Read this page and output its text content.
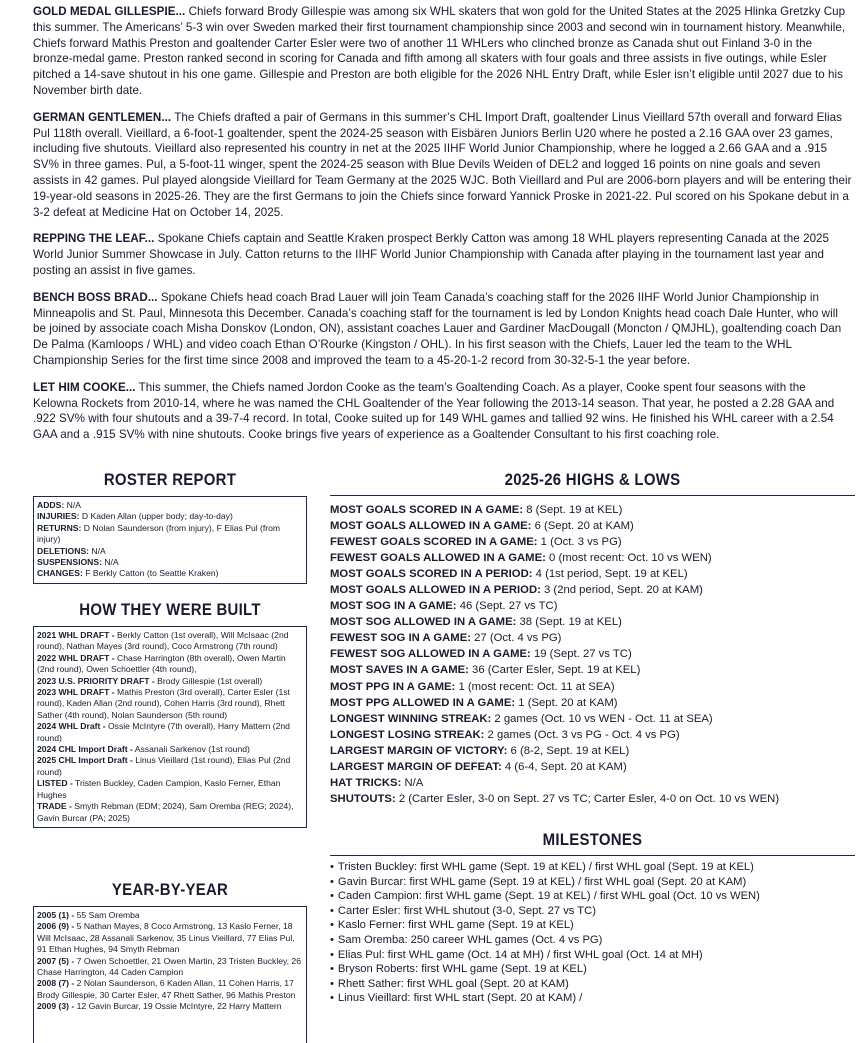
GOLD MEDAL GILLESPIE... Chiefs forward Brody Gillespie was among six WHL skaters that won gold for the United States at the 2025 Hlinka Gretzky Cup this summer. The Americans’ 5-3 win over Sweden marked their first tournament championship since 2003 and second win in tournament history. Meanwhile, Chiefs forward Mathis Preston and goaltender Carter Esler were two of another 11 WHLers who clinched bronze as Canada shut out Finland 3-0 in the bronze-medal game. Preston ranked second in scoring for Canada and fifth among all skaters with four goals and three assists in five outings, while Esler pitched a 14-save shutout in his one game. Gillespie and Preston are both eligible for the 2026 NHL Entry Draft, while Esler isn’t eligible until 2027 due to his November birth date.

GERMAN GENTLEMEN... The Chiefs drafted a pair of Germans in this summer’s CHL Import Draft, goaltender Linus Vieillard 57th overall and forward Elias Pul 118th overall. Vieillard, a 6-foot-1 goaltender, spent the 2024-25 season with Eisbären Juniors Berlin U20 where he posted a 2.16 GAA over 23 games, including five shutouts. Vieillard also represented his country in net at the 2025 IIHF World Junior Championship, where he logged a 2.66 GAA and a .915 SV% in three games. Pul, a 5-foot-11 winger, spent the 2024-25 season with Blue Devils Weiden of DEL2 and logged 16 points on nine goals and seven assists in 42 games. Pul played alongside Vieillard for Team Germany at the 2025 WJC. Both Vieillard and Pul are 2006-born players and will be entering their 19-year-old seasons in 2025-26. They are the first Germans to join the Chiefs since forward Yannick Proske in 2021-22. Pul scored on his Spokane debut in a 3-2 defeat at Medicine Hat on October 14, 2025.

REPPING THE LEAF... Spokane Chiefs captain and Seattle Kraken prospect Berkly Catton was among 18 WHL players representing Canada at the 2025 World Junior Summer Showcase in July. Catton returns to the IIHF World Junior Championship with Canada after playing in the tournament last year and posting an assist in five games.

BENCH BOSS BRAD... Spokane Chiefs head coach Brad Lauer will join Team Canada’s coaching staff for the 2026 IIHF World Junior Championship in Minneapolis and St. Paul, Minnesota this December. Canada’s coaching staff for the tournament is led by London Knights head coach Dale Hunter, who will be joined by associate coach Misha Donskov (London, ON), assistant coaches Lauer and Gardiner MacDougall (Moncton / QMJHL), goaltending coach Dan De Palma (Kamloops / WHL) and video coach Ethan O’Rourke (Kingston / OHL). In his first season with the Chiefs, Lauer led the team to the WHL Championship Series for the first time since 2008 and improved the team to a 45-20-1-2 record from 30-32-5-1 the year before.

LET HIM COOKE... This summer, the Chiefs named Jordon Cooke as the team’s Goaltending Coach. As a player, Cooke spent four seasons with the Kelowna Rockets from 2010-14, where he was named the CHL Goaltender of the Year following the 2013-14 season. That year, he posted a 2.28 GAA and .922 SV% with four shutouts and a 39-7-4 record. In total, Cooke suited up for 149 WHL games and tallied 92 wins. He finished his WHL career with a 2.54 GAA and a .915 SV% with nine shutouts. Cooke brings five years of experience as a Goaltender Consultant to his first coaching role.

ROSTER REPORT
ADDS: N/A
INJURIES: D Kaden Allan (upper body; day-to-day)
RETURNS: D Nolan Saunderson (from injury), F Elias Pul (from injury)
DELETIONS: N/A
SUSPENSIONS: N/A
CHANGES: F Berkly Catton (to Seattle Kraken)
HOW THEY WERE BUILT
2021 WHL DRAFT - Berkly Catton (1st overall), Will McIsaac (2nd round), Nathan Mayes (3rd round), Coco Armstrong (7th round)
2022 WHL DRAFT - Chase Harrington (8th overall), Owen Martin (2nd round), Owen Schoettler (4th round),
2023 U.S. PRIORITY DRAFT - Brody Gillespie (1st overall)
2023 WHL DRAFT - Mathis Preston (3rd overall), Carter Esler (1st round), Kaden Allan (2nd round), Cohen Harris (3rd round), Rhett Sather (4th round), Nolan Saunderson (5th round)
2024 WHL Draft - Ossie McIntyre (7th overall), Harry Mattern (2nd round)
2024 CHL Import Draft - Assanali Sarkenov (1st round)
2025 CHL Import Draft - Linus Vieillard (1st round), Elias Pul (2nd round)
LISTED - Tristen Buckley, Caden Campion, Kaslo Ferner, Ethan Hughes
TRADE - Smyth Rebman (EDM; 2024), Sam Oremba (REG; 2024), Gavin Burcar (PA; 2025)
YEAR-BY-YEAR
2005 (1) - 55 Sam Oremba
2006 (9) - 5 Nathan Mayes, 8 Coco Armstrong, 13 Kaslo Ferner, 18 Will McIsaac, 28 Assanali Sarkenov, 35 Linus Vieillard, 77 Elias Pul, 91 Ethan Hughes, 94 Smyth Rebman
2007 (5) - 7 Owen Schoettler, 21 Owen Martin, 23 Tristen Buckley, 26 Chase Harrington, 44 Caden Campion
2008 (7) - 2 Nolan Saunderson, 6 Kaden Allan, 11 Cohen Harris, 17 Brody Gillespie, 30 Carter Esler, 47 Rhett Sather, 96 Mathis Preston
2009 (3) - 12 Gavin Burcar, 19 Ossie McIntyre, 22 Harry Mattern
2025-26 HIGHS & LOWS

MOST GOALS SCORED IN A GAME: 8 (Sept. 19 at KEL)

MOST GOALS ALLOWED IN A GAME: 6 (Sept. 20 at KAM)

FEWEST GOALS SCORED IN A GAME: 1 (Oct. 3 vs PG)

FEWEST GOALS ALLOWED IN A GAME: 0 (most recent: Oct. 10 vs WEN)

MOST GOALS SCORED IN A PERIOD: 4 (1st period, Sept. 19 at KEL)

MOST GOALS ALLOWED IN A PERIOD: 3 (2nd period, Sept. 20 at KAM)

MOST SOG IN A GAME: 46 (Sept. 27 vs TC)

MOST SOG ALLOWED IN A GAME: 38 (Sept. 19 at KEL)

FEWEST SOG IN A GAME: 27 (Oct. 4 vs PG)

FEWEST SOG ALLOWED IN A GAME: 19 (Sept. 27 vs TC)

MOST SAVES IN A GAME: 36 (Carter Esler, Sept. 19 at KEL)

MOST PPG IN A GAME: 1 (most recent: Oct. 11 at SEA)

MOST PPG ALLOWED IN A GAME: 1 (Sept. 20 at KAM)

LONGEST WINNING STREAK: 2 games (Oct. 10 vs WEN - Oct. 11 at SEA)

LONGEST LOSING STREAK: 2 games (Oct. 3 vs PG - Oct. 4 vs PG)

LARGEST MARGIN OF VICTORY: 6 (8-2, Sept. 19 at KEL)

LARGEST MARGIN OF DEFEAT: 4 (6-4, Sept. 20 at KAM)

HAT TRICKS: N/A

SHUTOUTS: 2 (Carter Esler, 3-0 on Sept. 27 vs TC; Carter Esler, 4-0 on Oct. 10 vs WEN)

MILESTONES
• Tristen Buckley: first WHL game (Sept. 19 at KEL) / first WHL goal (Sept. 19 at KEL)
• Gavin Burcar: first WHL game (Sept. 19 at KEL) / first WHL goal (Sept. 20 at KAM)
• Caden Campion: first WHL game (Sept. 19 at KEL) / first WHL goal (Oct. 10 vs WEN)
• Carter Esler: first WHL shutout (3-0, Sept. 27 vs TC)
• Kaslo Ferner: first WHL game (Sept. 19 at KEL)
• Sam Oremba: 250 career WHL games (Oct. 4 vs PG)
• Elias Pul: first WHL game (Oct. 14 at MH) / first WHL goal (Oct. 14 at MH)
• Bryson Roberts: first WHL game (Sept. 19 at KEL)
• Rhett Sather: first WHL goal (Sept. 20 at KAM)
• Linus Vieillard: first WHL start (Sept. 20 at KAM) /
